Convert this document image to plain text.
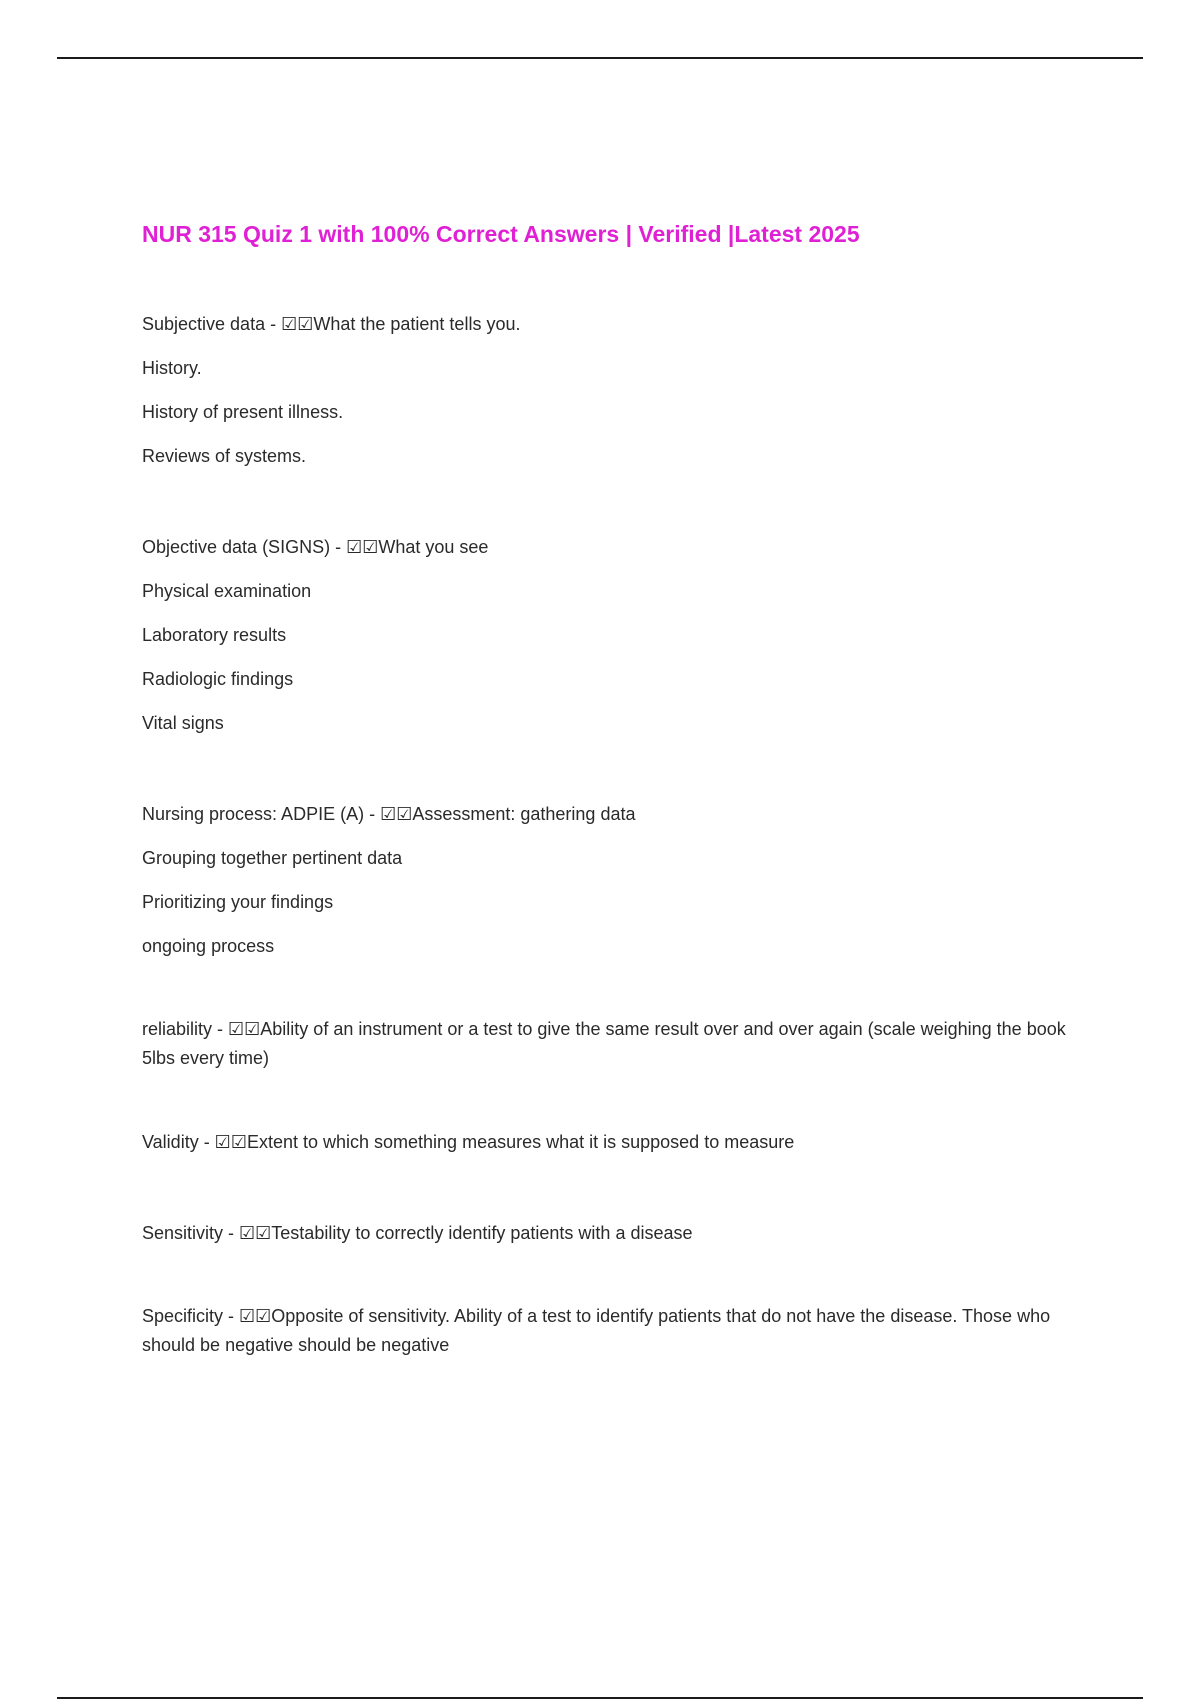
NUR 315 Quiz 1 with 100% Correct Answers | Verified |Latest 2025
Subjective data - ☑☑What the patient tells you.
History.
History of present illness.
Reviews of systems.
Objective data (SIGNS) - ☑☑What you see
Physical examination
Laboratory results
Radiologic findings
Vital signs
Nursing process: ADPIE (A) - ☑☑Assessment: gathering data
Grouping together pertinent data
Prioritizing your findings
ongoing process
reliability - ☑☑Ability of an instrument or a test to give the same result over and over again (scale weighing the book 5lbs every time)
Validity - ☑☑Extent to which something measures what it is supposed to measure
Sensitivity - ☑☑Testability to correctly identify patients with a disease
Specificity - ☑☑Opposite of sensitivity. Ability of a test to identify patients that do not have the disease. Those who should be negative should be negative
